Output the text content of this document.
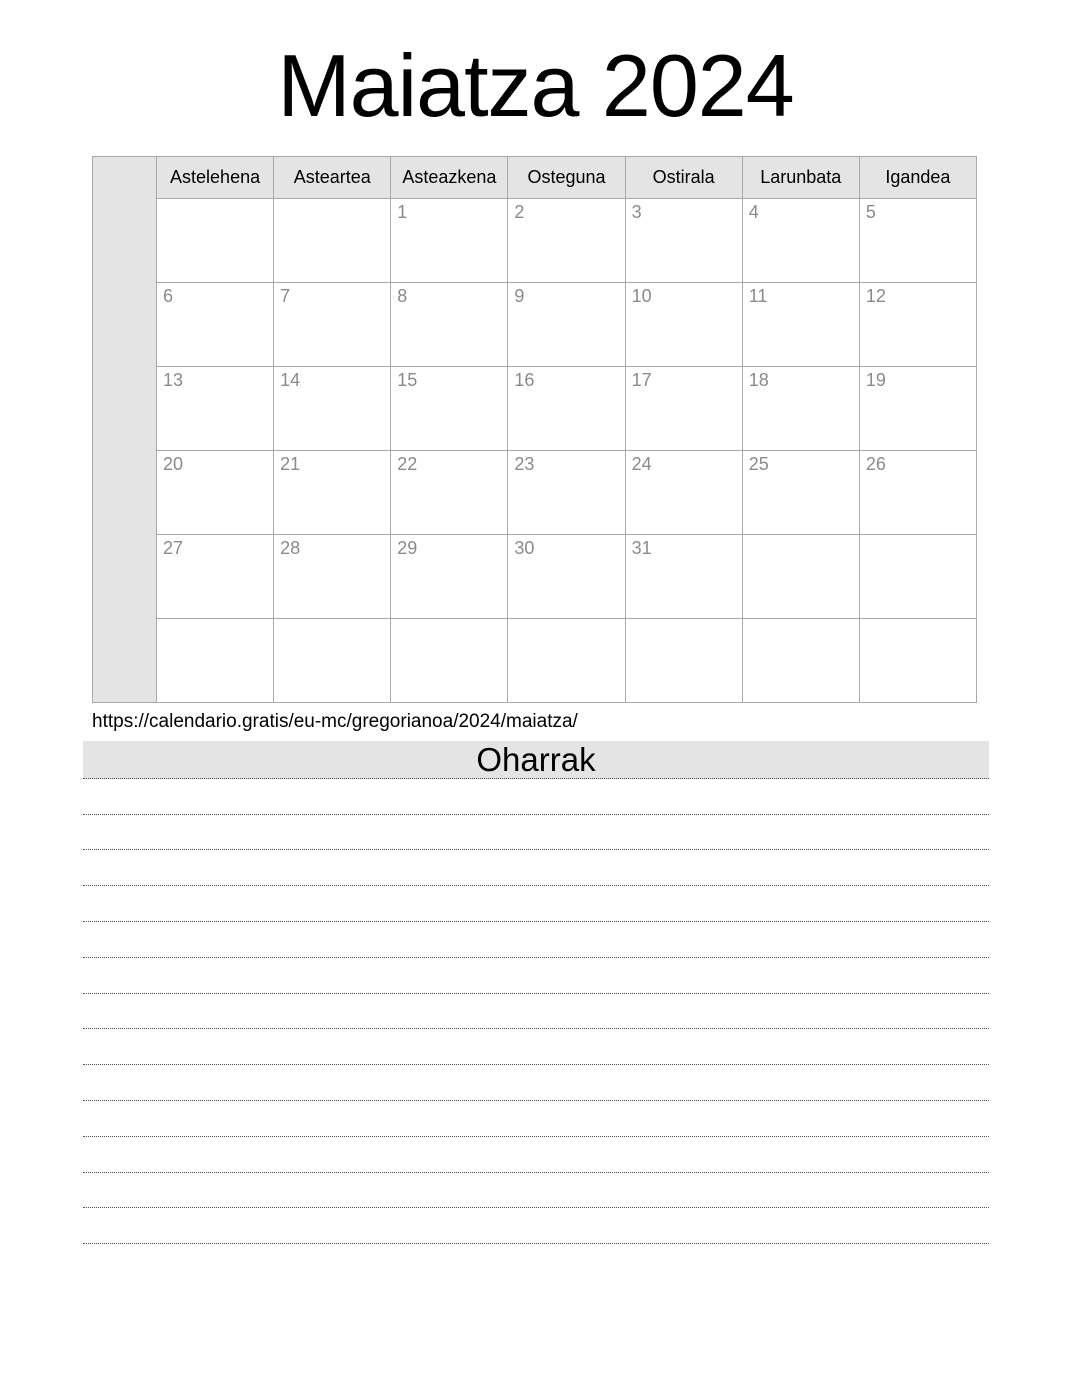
Maiatza 2024
	Astelehena	Asteartea	Asteazkena	Osteguna	Ostirala	Larunbata	Igandea
			1	2	3	4	5
	6	7	8	9	10	11	12
	13	14	15	16	17	18	19
	20	21	22	23	24	25	26
	27	28	29	30	31		

https://calendario.gratis/eu-mc/gregorianoa/2024/maiatza/
Oharrak
